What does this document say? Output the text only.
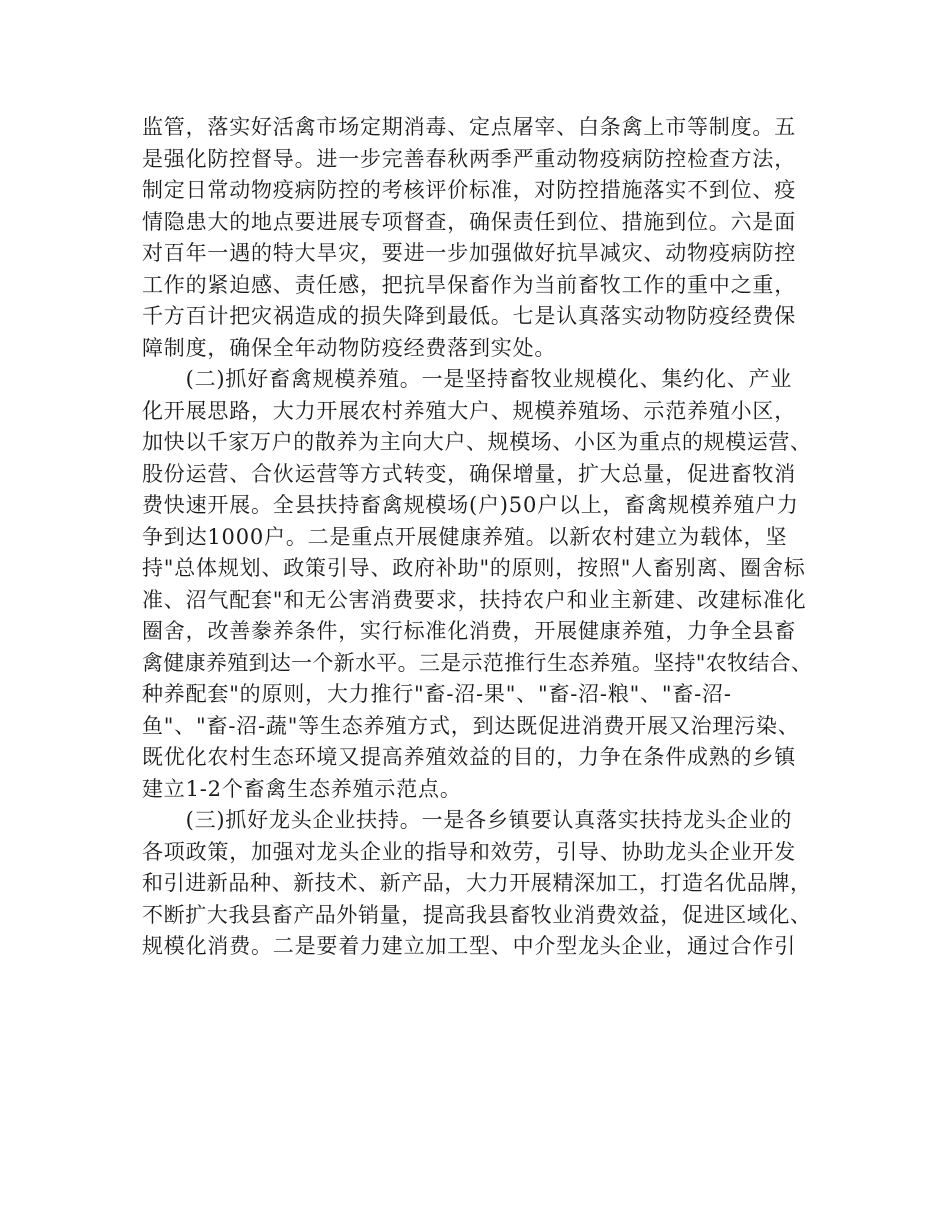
监管，落实好活禽市场定期消毒、定点屠宰、白条禽上市等制度。五
是强化防控督导。进一步完善春秋两季严重动物疫病防控检查方法，
制定日常动物疫病防控的考核评价标准，对防控措施落实不到位、疫
情隐患大的地点要进展专项督查，确保责任到位、措施到位。六是面
对百年一遇的特大旱灾，要进一步加强做好抗旱减灾、动物疫病防控
工作的紧迫感、责任感，把抗旱保畜作为当前畜牧工作的重中之重，
千方百计把灾祸造成的损失降到最低。七是认真落实动物防疫经费保
障制度，确保全年动物防疫经费落到实处。
　　(二)抓好畜禽规模养殖。一是坚持畜牧业规模化、集约化、产业
化开展思路，大力开展农村养殖大户、规模养殖场、示范养殖小区，
加快以千家万户的散养为主向大户、规模场、小区为重点的规模运营、
股份运营、合伙运营等方式转变，确保增量，扩大总量，促进畜牧消
费快速开展。全县扶持畜禽规模场(户)50户以上，畜禽规模养殖户力
争到达1000户。二是重点开展健康养殖。以新农村建立为载体，坚
持"总体规划、政策引导、政府补助"的原则，按照"人畜别离、圈舍标
准、沼气配套"和无公害消费要求，扶持农户和业主新建、改建标准化
圈舍，改善豢养条件，实行标准化消费，开展健康养殖，力争全县畜
禽健康养殖到达一个新水平。三是示范推行生态养殖。坚持"农牧结合、
种养配套"的原则，大力推行"畜-沼-果"、"畜-沼-粮"、"畜-沼-
鱼"、"畜-沼-蔬"等生态养殖方式，到达既促进消费开展又治理污染、
既优化农村生态环境又提高养殖效益的目的，力争在条件成熟的乡镇
建立1-2个畜禽生态养殖示范点。
　　(三)抓好龙头企业扶持。一是各乡镇要认真落实扶持龙头企业的
各项政策，加强对龙头企业的指导和效劳，引导、协助龙头企业开发
和引进新品种、新技术、新产品，大力开展精深加工，打造名优品牌，
不断扩大我县畜产品外销量，提高我县畜牧业消费效益，促进区域化、
规模化消费。二是要着力建立加工型、中介型龙头企业，通过合作引
